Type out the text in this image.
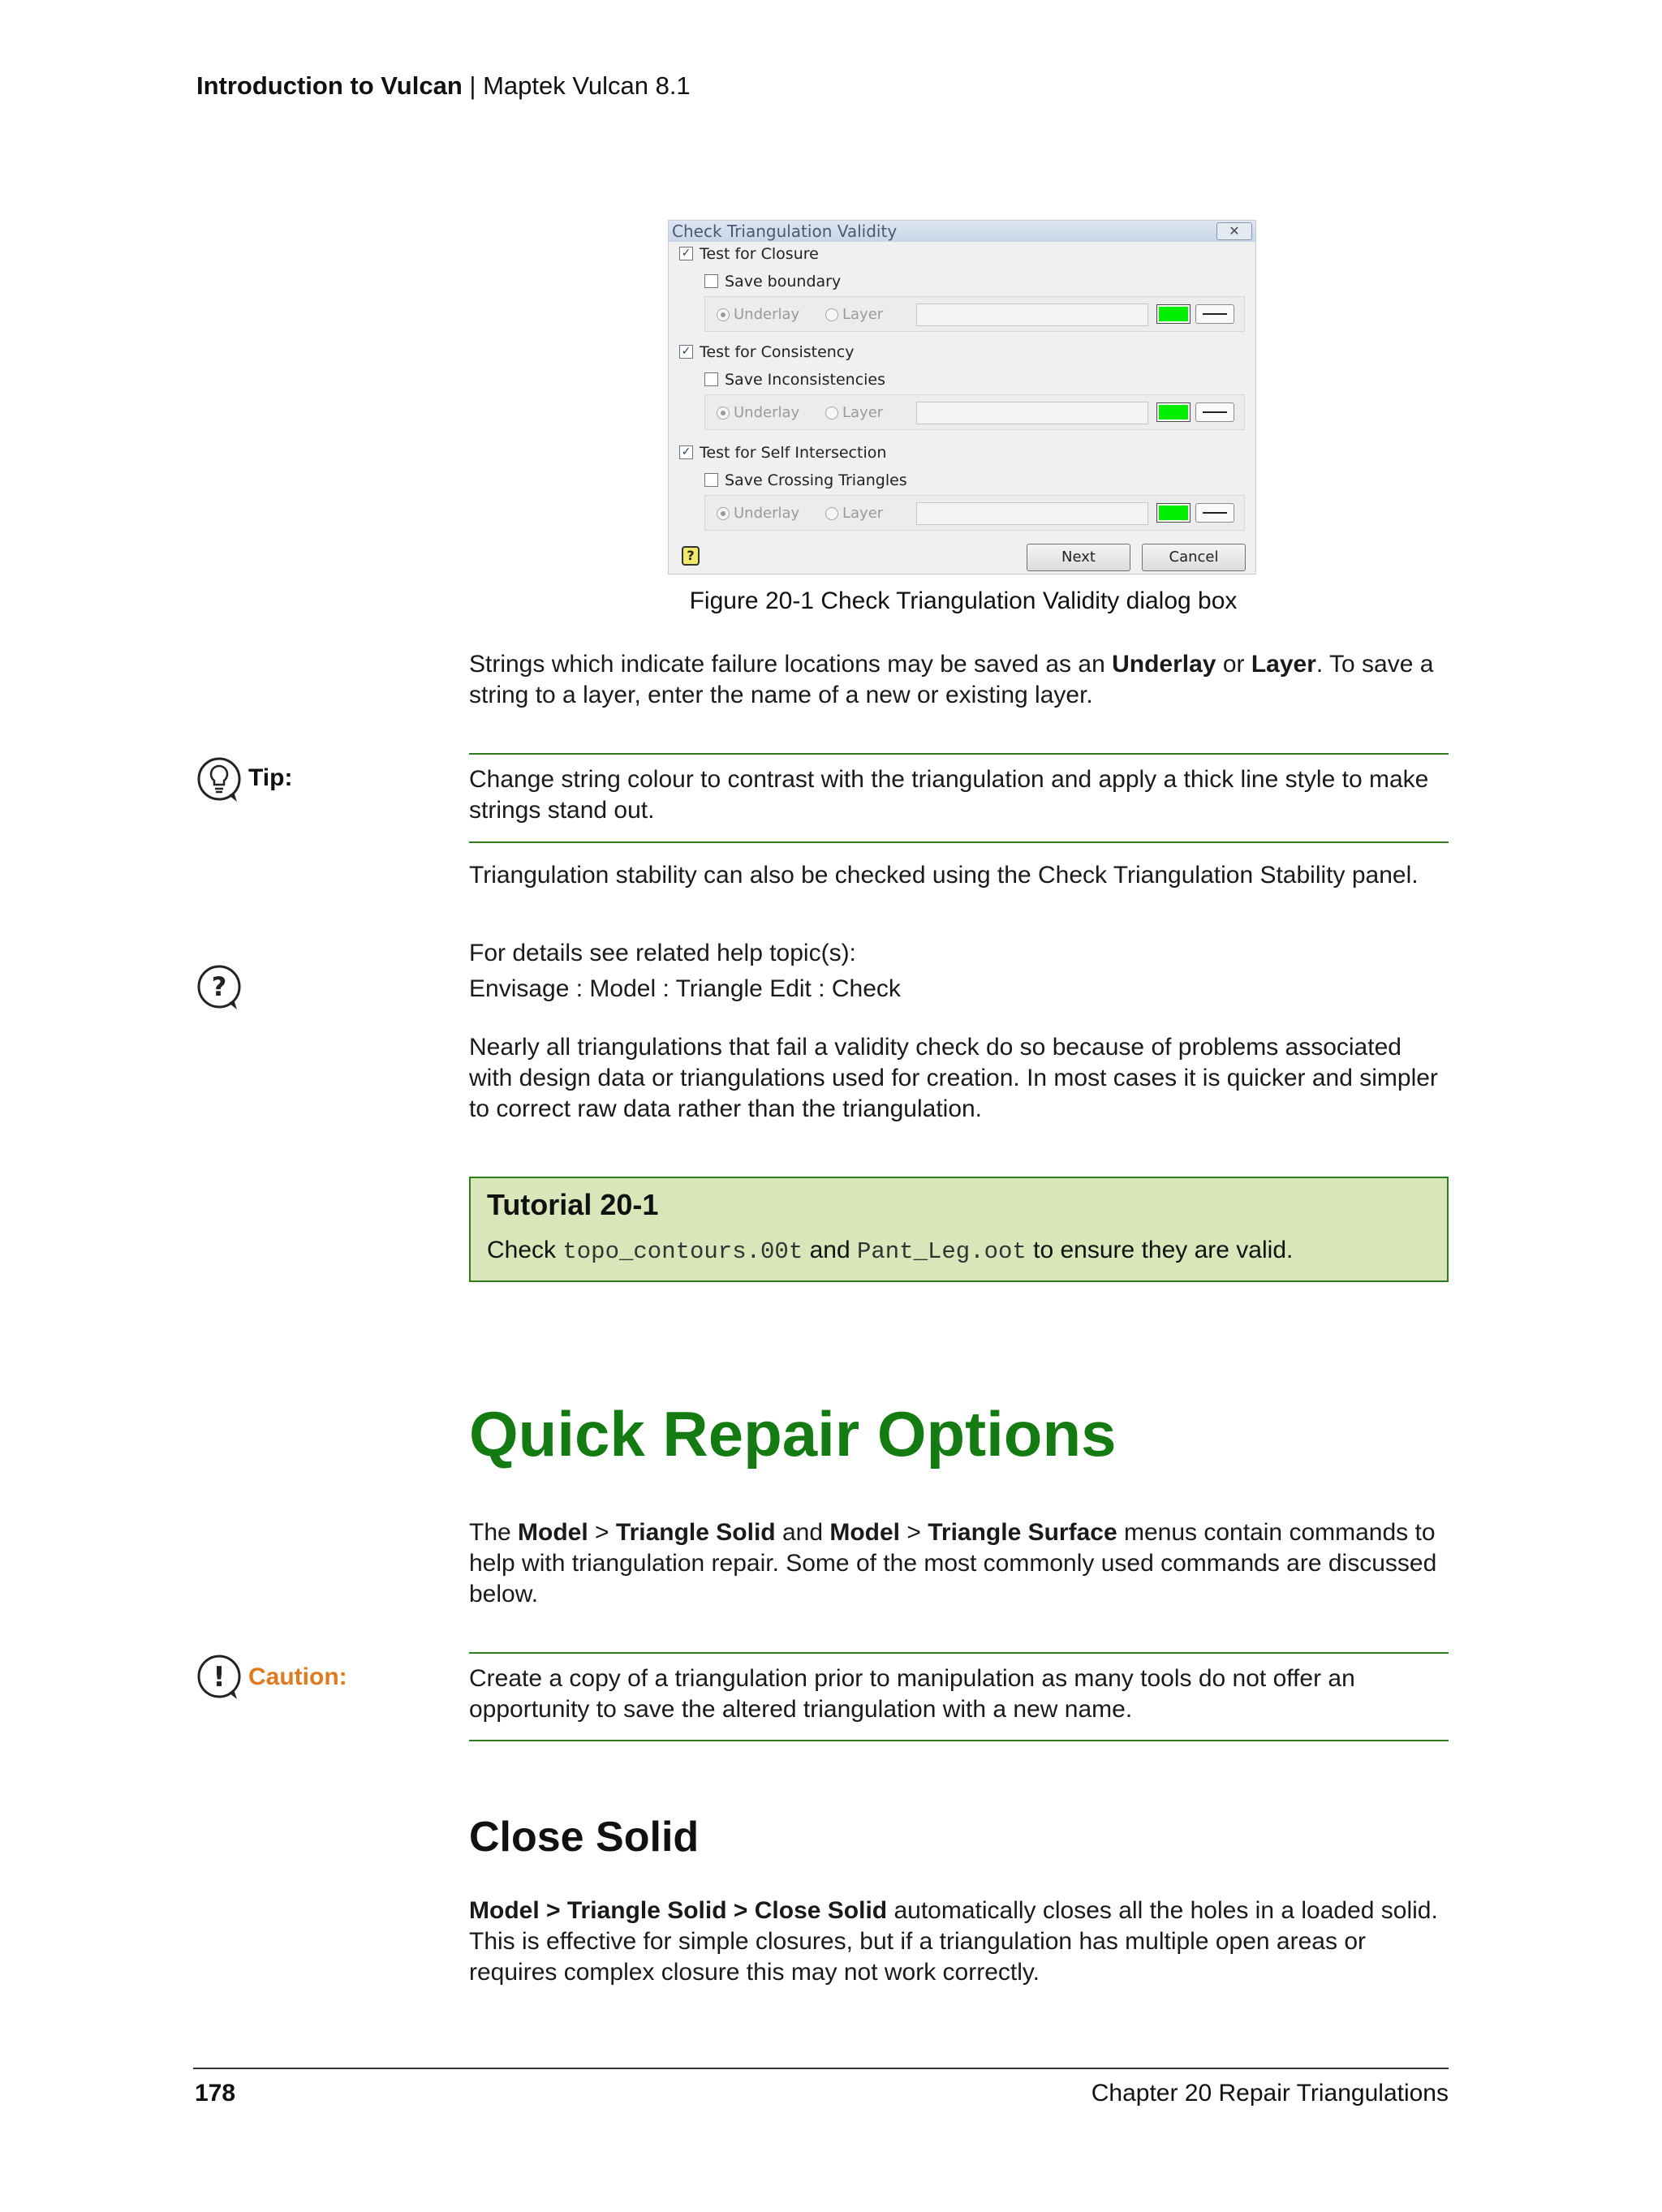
Introduction to Vulcan | Maptek Vulcan 8.1
Check Triangulation Validity	✕
✓ Test for Closure
Save boundary
Underlay	Layer
✓ Test for Consistency
Save Inconsistencies
Underlay	Layer
✓ Test for Self Intersection
Save Crossing Triangles
Underlay	Layer
?	Next	Cancel
Figure 20-1 Check Triangulation Validity dialog box
Strings which indicate failure locations may be saved as an Underlay or Layer. To save a string to a layer, enter the name of a new or existing layer.
Tip:	Change string colour to contrast with the triangulation and apply a thick line style to make strings stand out.
Triangulation stability can also be checked using the Check Triangulation Stability panel.
For details see related help topic(s):
?	Envisage : Model : Triangle Edit : Check
Nearly all triangulations that fail a validity check do so because of problems associated with design data or triangulations used for creation. In most cases it is quicker and simpler to correct raw data rather than the triangulation.
Tutorial 20-1
Check topo_contours.00t and Pant_Leg.oot to ensure they are valid.
Quick Repair Options
The Model > Triangle Solid and Model > Triangle Surface menus contain commands to help with triangulation repair. Some of the most commonly used commands are discussed below.
! Caution:	Create a copy of a triangulation prior to manipulation as many tools do not offer an opportunity to save the altered triangulation with a new name.
Close Solid
Model > Triangle Solid > Close Solid automatically closes all the holes in a loaded solid. This is effective for simple closures, but if a triangulation has multiple open areas or requires complex closure this may not work correctly.
178	Chapter 20 Repair Triangulations
